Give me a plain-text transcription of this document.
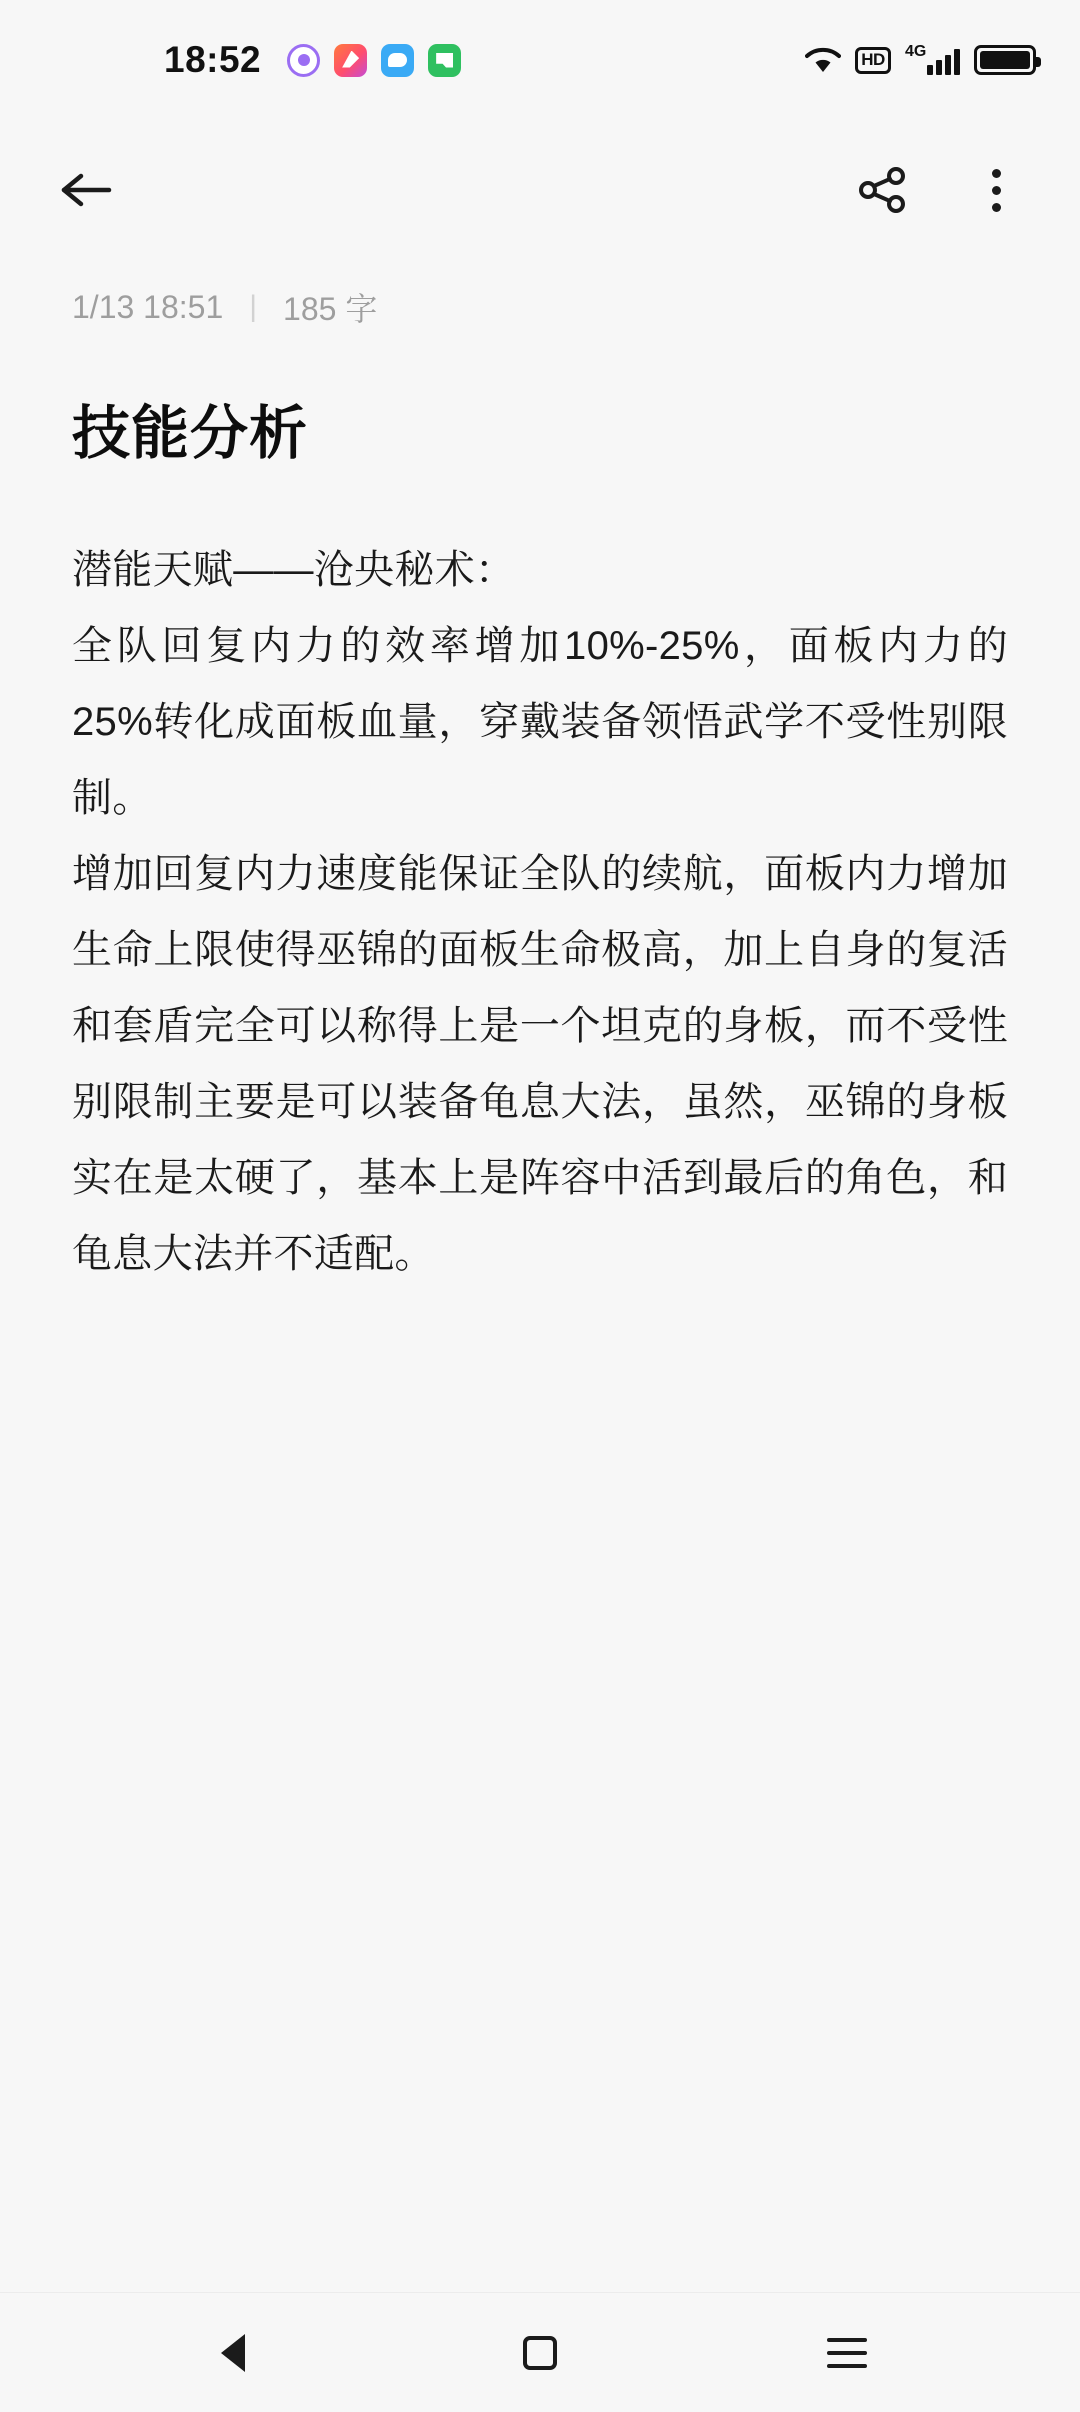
18:52	HD	4G
1/13 18:51 | 185 字
技能分析

潜能天赋——沧央秘术：

全队回复内力的效率增加10%-25%，面板内力的25%转化成面板血量，穿戴装备领悟武学不受性别限制。

增加回复内力速度能保证全队的续航，面板内力增加生命上限使得巫锦的面板生命极高，加上自身的复活和套盾完全可以称得上是一个坦克的身板，而不受性别限制主要是可以装备龟息大法，虽然，巫锦的身板实在是太硬了，基本上是阵容中活到最后的角色，和龟息大法并不适配。
